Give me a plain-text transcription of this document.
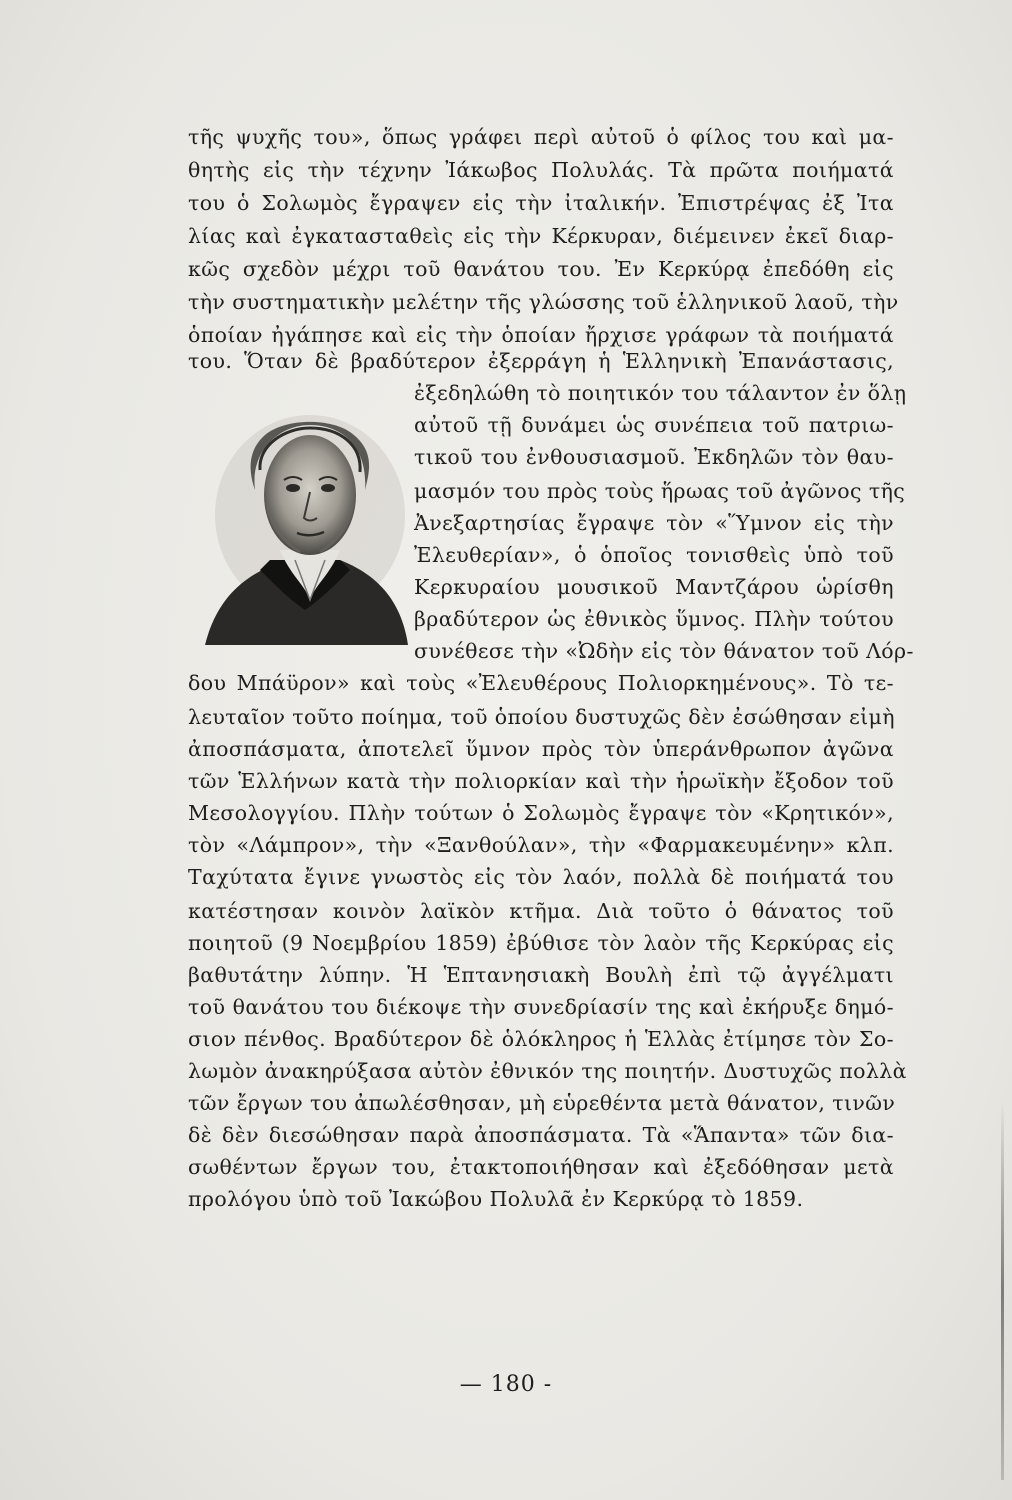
τῆς ψυχῆς του», ὅπως γράφει περὶ αὐτοῦ ὁ φίλος του καὶ μα-
θητὴς εἰς τὴν τέχνην Ἰάκωβος Πολυλάς. Τὰ πρῶτα ποιήματά
του ὁ Σολωμὸς ἔγραψεν εἰς τὴν ἰταλικήν. Ἐπιστρέψας ἐξ Ἰτα
λίας καὶ ἐγκατασταθεὶς εἰς τὴν Κέρκυραν, διέμεινεν ἐκεῖ διαρ-
κῶς σχεδὸν μέχρι τοῦ θανάτου του. Ἐν Κερκύρᾳ ἐπεδόθη εἰς
τὴν συστηματικὴν μελέτην τῆς γλώσσης τοῦ ἑλληνικοῦ λαοῦ, τὴν
ὁποίαν ἠγάπησε καὶ εἰς τὴν ὁποίαν ἤρχισε γράφων τὰ ποιήματά
του. Ὅταν δὲ βραδύτερον ἐξερράγη ἡ Ἑλληνικὴ Ἐπανάστασις,
ἐξεδηλώθη τὸ ποιητικόν του τάλαντον ἐν ὅλῃ
αὐτοῦ τῇ δυνάμει ὡς συνέπεια τοῦ πατριω-
τικοῦ του ἐνθουσιασμοῦ. Ἐκδηλῶν τὸν θαυ-
μασμόν του πρὸς τοὺς ἥρωας τοῦ ἀγῶνος τῆς
Ἀνεξαρτησίας ἔγραψε τὸν «Ὕμνον εἰς τὴν
Ἐλευθερίαν», ὁ ὁποῖος τονισθεὶς ὑπὸ τοῦ
Κερκυραίου μουσικοῦ Μαντζάρου ὡρίσθη
βραδύτερον ὡς ἐθνικὸς ὕμνος. Πλὴν τούτου
συνέθεσε τὴν «Ὠδὴν εἰς τὸν θάνατον τοῦ Λόρ-
δου Μπάϋρον» καὶ τοὺς «Ἐλευθέρους Πολιορκημένους». Τὸ τε-
λευταῖον τοῦτο ποίημα, τοῦ ὁποίου δυστυχῶς δὲν ἐσώθησαν εἰμὴ
ἀποσπάσματα, ἀποτελεῖ ὕμνον πρὸς τὸν ὑπεράνθρωπον ἀγῶνα
τῶν Ἑλλήνων κατὰ τὴν πολιορκίαν καὶ τὴν ἡρωϊκὴν ἔξοδον τοῦ
Μεσολογγίου. Πλὴν τούτων ὁ Σολωμὸς ἔγραψε τὸν «Κρητικόν»,
τὸν «Λάμπρον», τὴν «Ξανθούλαν», τὴν «Φαρμακευμένην» κλπ.
Ταχύτατα ἔγινε γνωστὸς εἰς τὸν λαόν, πολλὰ δὲ ποιήματά του
κατέστησαν κοινὸν λαϊκὸν κτῆμα. Διὰ τοῦτο ὁ θάνατος τοῦ
ποιητοῦ (9 Νοεμβρίου 1859) ἐβύθισε τὸν λαὸν τῆς Κερκύρας εἰς
βαθυτάτην λύπην. Ἡ Ἑπτανησιακὴ Βουλὴ ἐπὶ τῷ ἀγγέλματι
τοῦ θανάτου του διέκοψε τὴν συνεδρίασίν της καὶ ἐκήρυξε δημό-
σιον πένθος. Βραδύτερον δὲ ὁλόκληρος ἡ Ἑλλὰς ἐτίμησε τὸν Σο-
λωμὸν ἀνακηρύξασα αὐτὸν ἐθνικόν της ποιητήν. Δυστυχῶς πολλὰ
τῶν ἔργων του ἀπωλέσθησαν, μὴ εὑρεθέντα μετὰ θάνατον, τινῶν
δὲ δὲν διεσώθησαν παρὰ ἀποσπάσματα. Τὰ «Ἅπαντα» τῶν δια-
σωθέντων ἔργων του, ἐτακτοποιήθησαν καὶ ἐξεδόθησαν μετὰ
προλόγου ὑπὸ τοῦ Ἰακώβου Πολυλᾶ ἐν Κερκύρᾳ τὸ 1859.
— 180 -
